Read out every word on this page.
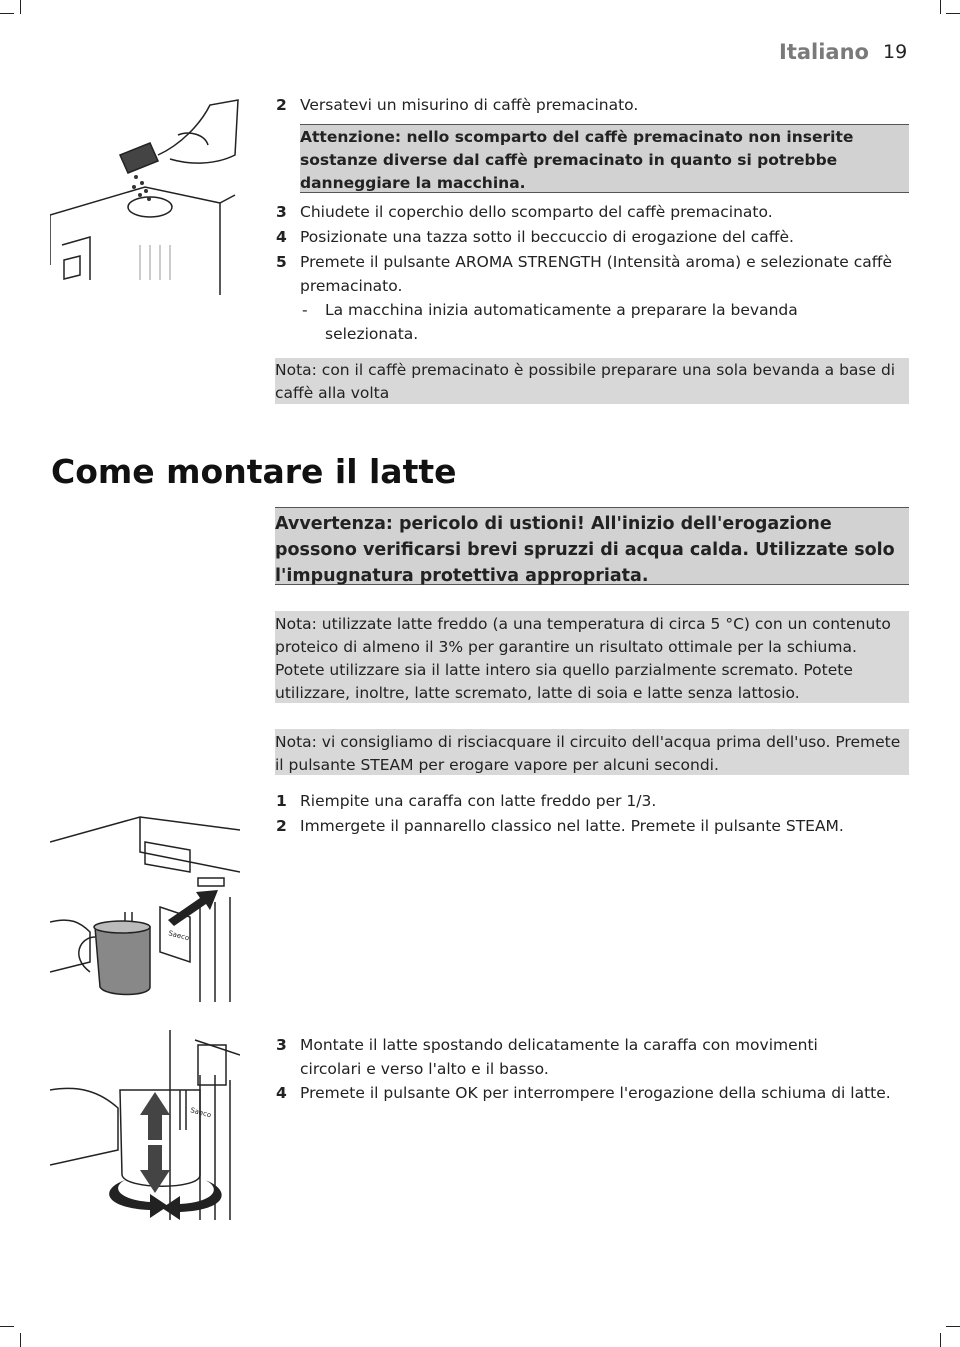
Italiano 19
2 Versatevi un misurino di caffè premacinato.

Attenzione: nello scomparto del caffè premacinato non inserite sostanze diverse dal caffè premacinato in quanto si potrebbe danneggiare la macchina.
3 Chiudete il coperchio dello scomparto del caffè premacinato.

4 Posizionate una tazza sotto il beccuccio di erogazione del caffè.

5 Premete il pulsante AROMA STRENGTH (Intensità aroma) e selezionate caffè premacinato.

- La macchina inizia automaticamente a preparare la bevanda selezionata.

Nota: con il caffè premacinato è possibile preparare una sola bevanda a base di caffè alla volta
Come montare il latte
Avvertenza: pericolo di ustioni! All'inizio dell'erogazione possono verificarsi brevi spruzzi di acqua calda. Utilizzate solo l'impugnatura protettiva appropriata.
Nota: utilizzate latte freddo (a una temperatura di circa 5 °C) con un contenuto proteico di almeno il 3% per garantire un risultato ottimale per la schiuma. Potete utilizzare sia il latte intero sia quello parzialmente scremato. Potete utilizzare, inoltre, latte scremato, latte di soia e latte senza lattosio.
Nota: vi consigliamo di risciacquare il circuito dell'acqua prima dell'uso. Premete il pulsante STEAM per erogare vapore per alcuni secondi.
1 Riempite una caraffa con latte freddo per 1/3.

2 Immergete il pannarello classico nel latte. Premete il pulsante STEAM.

Saeco
Saeco
3 Montate il latte spostando delicatamente la caraffa con movimenti circolari e verso l'alto e il basso.

4 Premete il pulsante OK per interrompere l'erogazione della schiuma di latte.
